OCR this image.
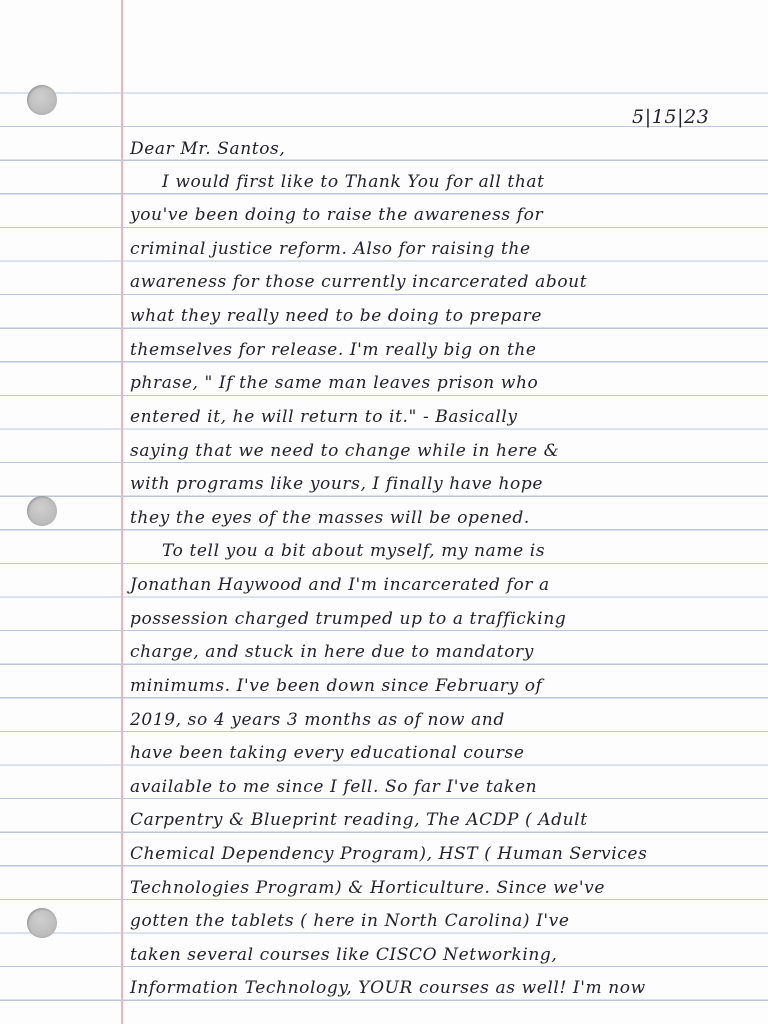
5|15|23
Dear Mr. Santos,
I would first like to Thank You for all that
you've been doing to raise the awareness for
criminal justice reform. Also for raising the
awareness for those currently incarcerated about
what they really need to be doing to prepare
themselves for release. I'm really big on the
phrase, " If the same man leaves prison who
entered it, he will return to it." - Basically
saying that we need to change while in here &
with programs like yours, I finally have hope
they the eyes of the masses will be opened.
To tell you a bit about myself, my name is
Jonathan Haywood and I'm incarcerated for a
possession charged trumped up to a trafficking
charge, and stuck in here due to mandatory
minimums. I've been down since February of
2019, so 4 years 3 months as of now and
have been taking every educational course
available to me since I fell. So far I've taken
Carpentry & Blueprint reading, The ACDP ( Adult
Chemical Dependency Program), HST ( Human Services
Technologies Program) & Horticulture. Since we've
gotten the tablets ( here in North Carolina) I've
taken several courses like CISCO Networking,
Information Technology, YOUR courses as well! I'm now
